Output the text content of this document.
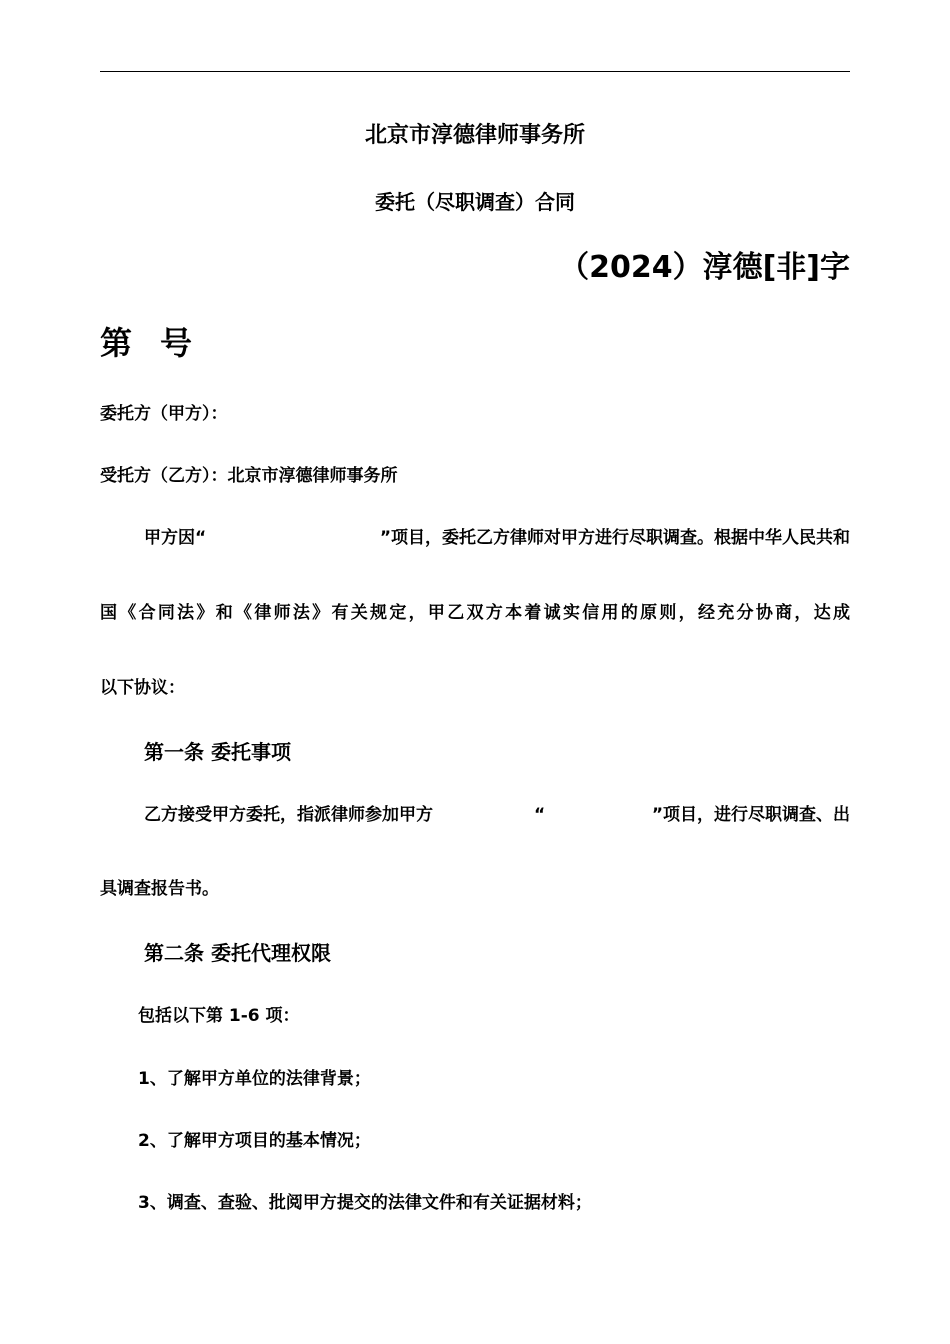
北京市淳德律师事务所
委托（尽职调查）合同
（2024）淳德[非]字
第 号
委托方（甲方）：
受托方（乙方）：北京市淳德律师事务所
甲方因“	”项目，委托乙方律师对甲方进行尽职调查。根据中华人民共和
国《合同法》和《律师法》有关规定，甲乙双方本着诚实信用的原则，经充分协商，达成
以下协议：
第一条 委托事项
乙方接受甲方委托，指派律师参加甲方	“	”项目，进行尽职调查、出
具调查报告书。
第二条 委托代理权限
包括以下第 1-6 项：
1、了解甲方单位的法律背景；
2、了解甲方项目的基本情况；
3、调查、查验、批阅甲方提交的法律文件和有关证据材料；
